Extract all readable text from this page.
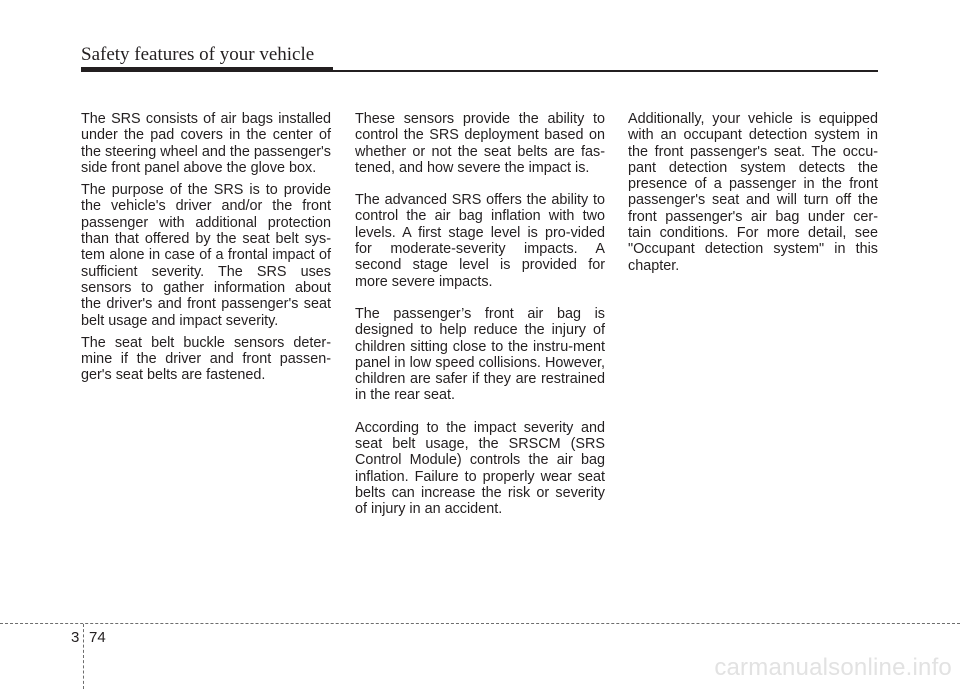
Safety features of your vehicle

The SRS consists of air bags installed under the pad covers in the center of the steering wheel and the passenger's side front panel above the glove box.

The purpose of the SRS is to provide the vehicle's driver and/or the front passenger with additional protection than that offered by the seat belt sys-​tem alone in case of a frontal impact of sufficient severity. The SRS uses sensors to gather information about the driver's and front passenger's seat belt usage and impact severity.

The seat belt buckle sensors deter-​mine if the driver and front passen-​ger's seat belts are fastened.

These sensors provide the ability to control the SRS deployment based on whether or not the seat belts are fas-​tened, and how severe the impact is.

The advanced SRS offers the ability to control the air bag inflation with two levels. A first stage level is pro-​vided for moderate-severity impacts. A second stage level is provided for more severe impacts.

The passenger’s front air bag is designed to help reduce the injury of children sitting close to the instru-​ment panel in low speed collisions. However, children are safer if they are restrained in the rear seat.

According to the impact severity and seat belt usage, the SRSCM (SRS Control Module) controls the air bag inflation. Failure to properly wear seat belts can increase the risk or severity of injury in an accident.

Additionally, your vehicle is equipped with an occupant detection system in the front passenger's seat. The occu-​pant detection system detects the presence of a passenger in the front passenger's seat and will turn off the front passenger's air bag under cer-​tain conditions. For more detail, see "Occupant detection system" in this chapter.

3 74
carmanualsonline.info
